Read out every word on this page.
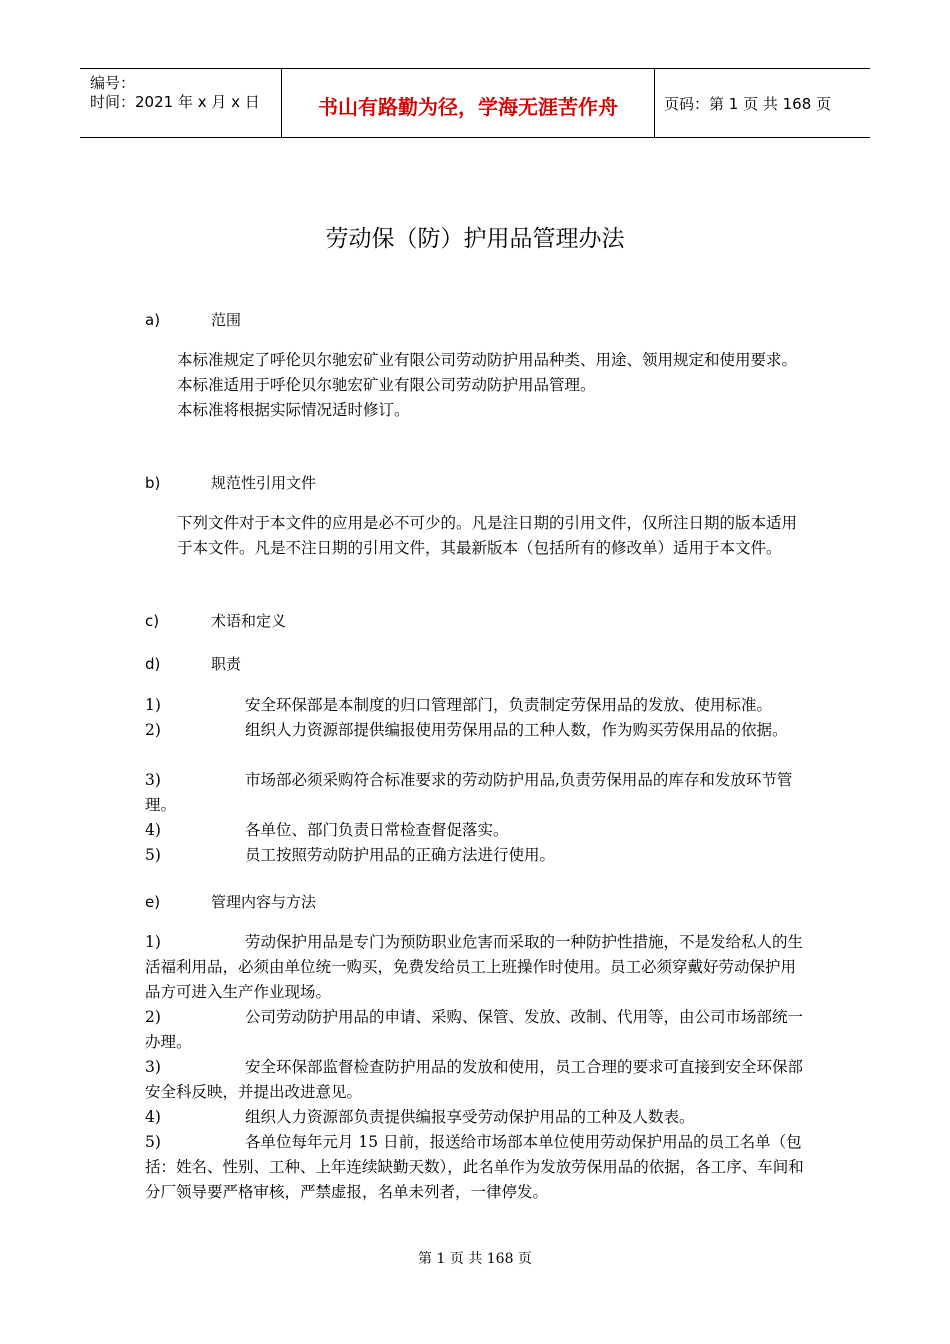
编号：
时间：2021 年 x 月 x 日	书山有路勤为径，学海无涯苦作舟	页码：第 1 页 共 168 页
劳动保（防）护用品管理办法
a)	范围
本标准规定了呼伦贝尔驰宏矿业有限公司劳动防护用品种类、用途、领用规定和使用要求。
本标准适用于呼伦贝尔驰宏矿业有限公司劳动防护用品管理。
本标准将根据实际情况适时修订。
b)	规范性引用文件
下列文件对于本文件的应用是必不可少的。凡是注日期的引用文件，仅所注日期的版本适用于本文件。凡是不注日期的引用文件，其最新版本（包括所有的修改单）适用于本文件。
c)	术语和定义
d)	职责
1)	安全环保部是本制度的归口管理部门，负责制定劳保用品的发放、使用标准。
2)	组织人力资源部提供编报使用劳保用品的工种人数，作为购买劳保用品的依据。
3)	市场部必须采购符合标准要求的劳动防护用品,负责劳保用品的库存和发放环节管理。
4)	各单位、部门负责日常检查督促落实。
5)	员工按照劳动防护用品的正确方法进行使用。
e)	管理内容与方法
1)	劳动保护用品是专门为预防职业危害而采取的一种防护性措施，不是发给私人的生活福利用品，必须由单位统一购买，免费发给员工上班操作时使用。员工必须穿戴好劳动保护用品方可进入生产作业现场。
2)	公司劳动防护用品的申请、采购、保管、发放、改制、代用等，由公司市场部统一办理。
3)	安全环保部监督检查防护用品的发放和使用，员工合理的要求可直接到安全环保部安全科反映，并提出改进意见。
4)	组织人力资源部负责提供编报享受劳动保护用品的工种及人数表。
5)	各单位每年元月 15 日前，报送给市场部本单位使用劳动保护用品的员工名单（包括：姓名、性别、工种、上年连续缺勤天数），此名单作为发放劳保用品的依据，各工序、车间和分厂领导要严格审核，严禁虚报，名单未列者，一律停发。
第 1 页 共 168 页
